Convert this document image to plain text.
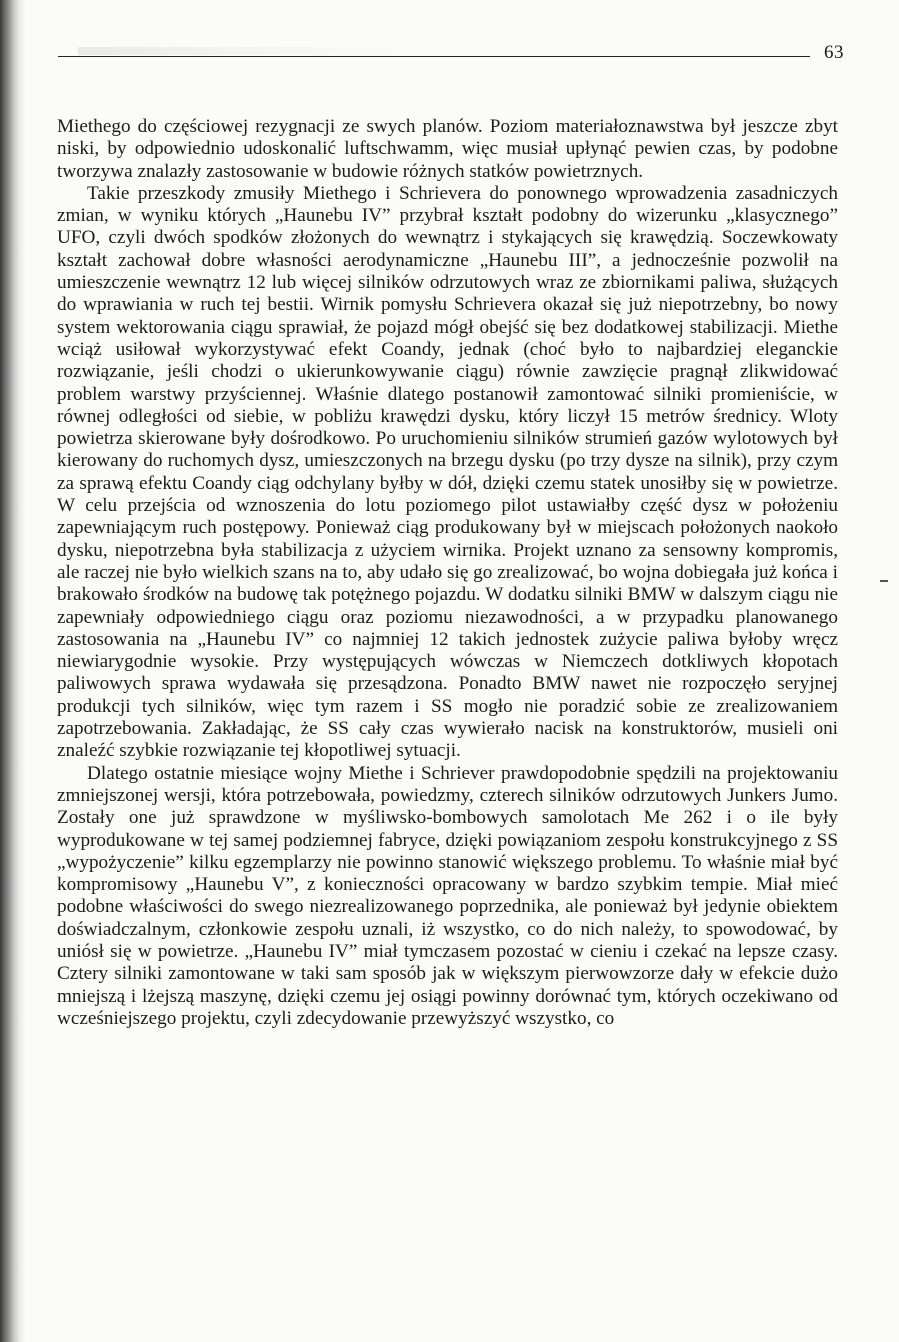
63

Miethego do częściowej rezygnacji ze swych planów. Poziom materiałoznawstwa był jeszcze zbyt niski, by odpowiednio udoskonalić luftschwamm, więc musiał upłynąć pewien czas, by podobne tworzywa znalazły zastosowanie w budowie różnych statków powietrznych.

Takie przeszkody zmusiły Miethego i Schrievera do ponownego wprowadzenia zasadniczych zmian, w wyniku których „Haunebu IV” przybrał kształt podobny do wizerunku „klasycznego” UFO, czyli dwóch spodków złożonych do wewnątrz i stykających się krawędzią. Soczewkowaty kształt zachował dobre własności aerodynamiczne „Haunebu III”, a jednocześnie pozwolił na umieszczenie wewnątrz 12 lub więcej silników odrzutowych wraz ze zbiornikami paliwa, służących do wprawiania w ruch tej bestii. Wirnik pomysłu Schrievera okazał się już niepotrzebny, bo nowy system wektorowania ciągu sprawiał, że pojazd mógł obejść się bez dodatkowej stabilizacji. Miethe wciąż usiłował wykorzystywać efekt Coandy, jednak (choć było to najbardziej eleganckie rozwiązanie, jeśli chodzi o ukierunkowywanie ciągu) równie zawzięcie pragnął zlikwidować problem warstwy przyściennej. Właśnie dlatego postanowił zamontować silniki promieniście, w równej odległości od siebie, w pobliżu krawędzi dysku, który liczył 15 metrów średnicy. Wloty powietrza skierowane były dośrodkowo. Po uruchomieniu silników strumień gazów wylotowych był kierowany do ruchomych dysz, umieszczonych na brzegu dysku (po trzy dysze na silnik), przy czym za sprawą efektu Coandy ciąg odchylany byłby w dół, dzięki czemu statek unosiłby się w powietrze. W celu przejścia od wznoszenia do lotu poziomego pilot ustawiałby część dysz w położeniu zapewniającym ruch postępowy. Ponieważ ciąg produkowany był w miejscach położonych naokoło dysku, niepotrzebna była stabilizacja z użyciem wirnika. Projekt uznano za sensowny kompromis, ale raczej nie było wielkich szans na to, aby udało się go zrealizować, bo wojna dobiegała już końca i brakowało środków na budowę tak potężnego pojazdu. W dodatku silniki BMW w dalszym ciągu nie zapewniały odpowiedniego ciągu oraz poziomu niezawodności, a w przypadku planowanego zastosowania na „Haunebu IV” co najmniej 12 takich jednostek zużycie paliwa byłoby wręcz niewiarygodnie wysokie. Przy występujących wówczas w Niemczech dotkliwych kłopotach paliwowych sprawa wydawała się przesądzona. Ponadto BMW nawet nie rozpoczęło seryjnej produkcji tych silników, więc tym razem i SS mogło nie poradzić sobie ze zrealizowaniem zapotrzebowania. Zakładając, że SS cały czas wywierało nacisk na konstruktorów, musieli oni znaleźć szybkie rozwiązanie tej kłopotliwej sytuacji.

Dlatego ostatnie miesiące wojny Miethe i Schriever prawdopodobnie spędzili na projektowaniu zmniejszonej wersji, która potrzebowała, powiedzmy, czterech silników odrzutowych Junkers Jumo. Zostały one już sprawdzone w myśliwsko-bombowych samolotach Me 262 i o ile były wyprodukowane w tej samej podziemnej fabryce, dzięki powiązaniom zespołu konstrukcyjnego z SS „wypożyczenie” kilku egzemplarzy nie powinno stanowić większego problemu. To właśnie miał być kompromisowy „Haunebu V”, z konieczności opracowany w bardzo szybkim tempie. Miał mieć podobne właściwości do swego niezrealizowanego poprzednika, ale ponieważ był jedynie obiektem doświadczalnym, członkowie zespołu uznali, iż wszystko, co do nich należy, to spowodować, by uniósł się w powietrze. „Haunebu IV” miał tymczasem pozostać w cieniu i czekać na lepsze czasy. Cztery silniki zamontowane w taki sam sposób jak w większym pierwowzorze dały w efekcie dużo mniejszą i lżejszą maszynę, dzięki czemu jej osiągi powinny dorównać tym, których oczekiwano od wcześniejszego projektu, czyli zdecydowanie przewyższyć wszystko, co
